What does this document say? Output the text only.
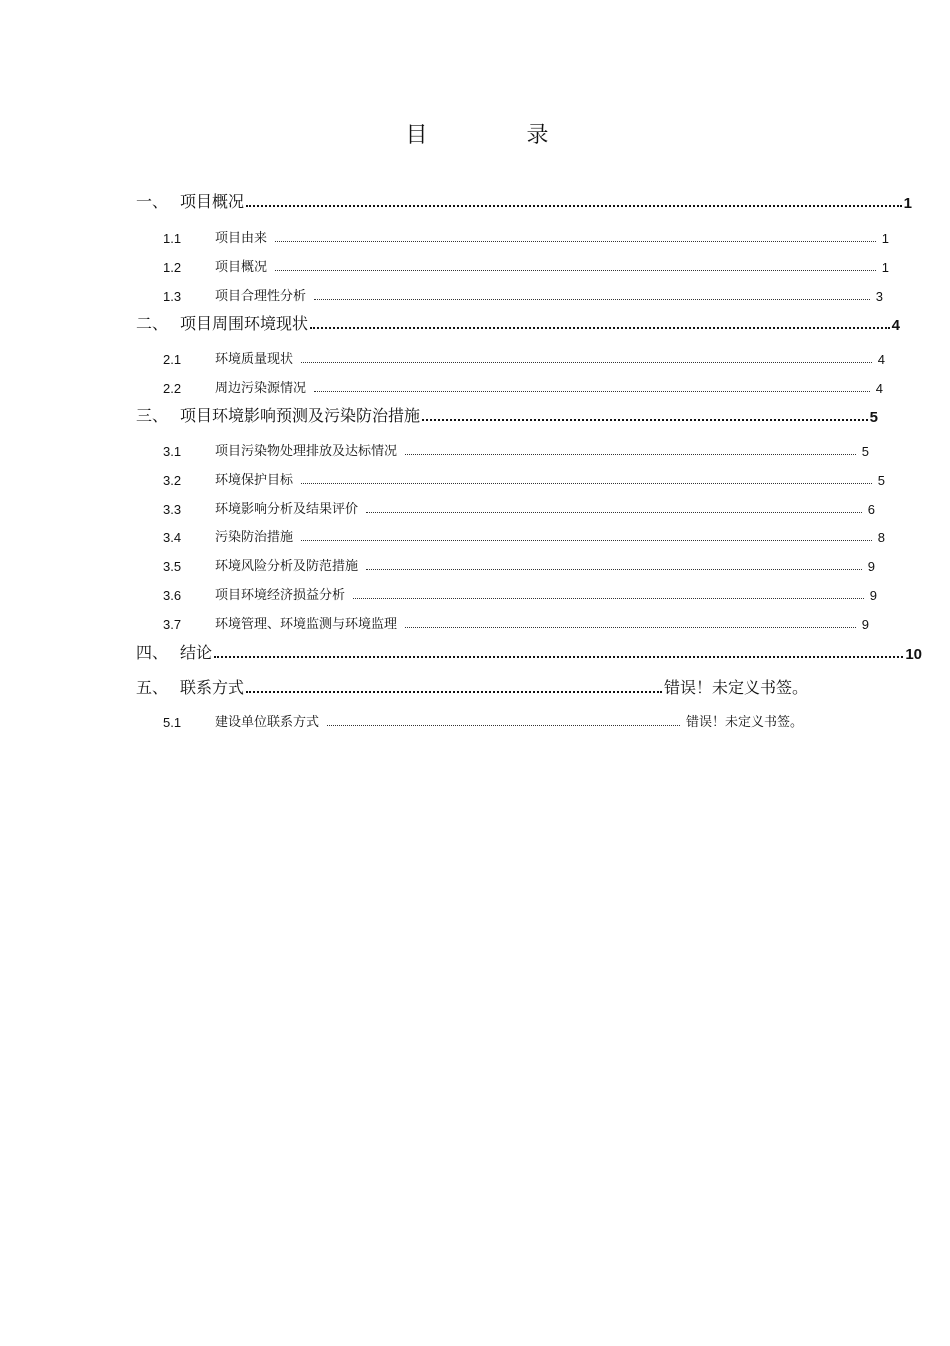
目 录
一、 项目概况	1
1.1	项目由来	1
1.2	项目概况	1
1.3	项目合理性分析	3
二、 项目周围环境现状	4
2.1	环境质量现状	4
2.2	周边污染源情况	4
三、 项目环境影响预测及污染防治措施	5
3.1	项目污染物处理排放及达标情况	5
3.2	环境保护目标	5
3.3	环境影响分析及结果评价	6
3.4	污染防治措施	8
3.5	环境风险分析及防范措施	9
3.6	项目环境经济损益分析	9
3.7	环境管理、环境监测与环境监理	9
四、 结论	10
五、 联系方式	错误！未定义书签。
5.1	建设单位联系方式	错误！未定义书签。
